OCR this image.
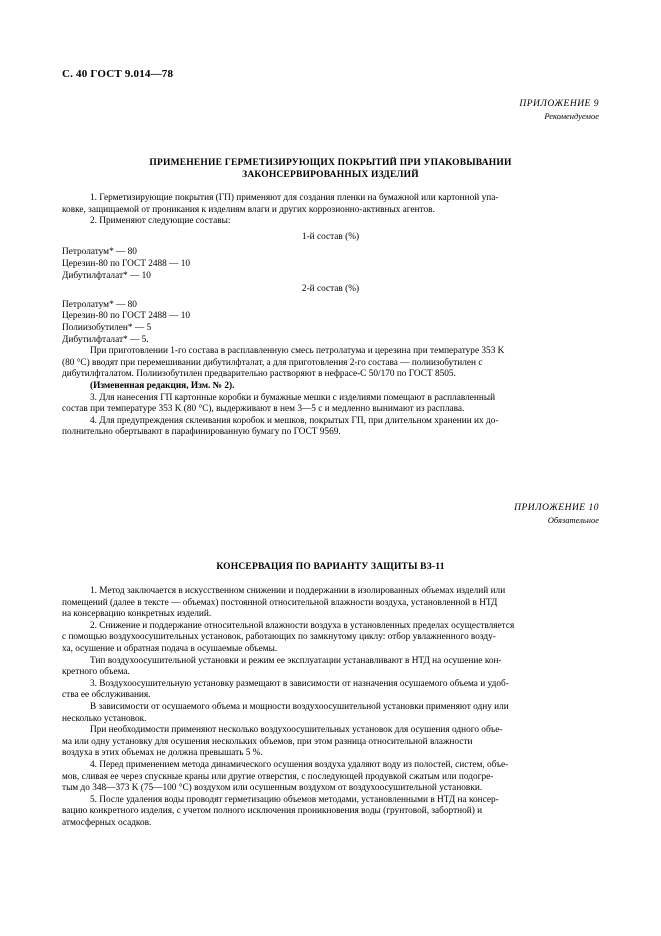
С. 40 ГОСТ 9.014—78
ПРИЛОЖЕНИЕ 9
Рекомендуемое
ПРИМЕНЕНИЕ ГЕРМЕТИЗИРУЮЩИХ ПОКРЫТИЙ ПРИ УПАКОВЫВАНИИ
ЗАКОНСЕРВИРОВАННЫХ ИЗДЕЛИЙ

1. Герметизирующие покрытия (ГП) применяют для создания пленки на бумажной или картонной упа-

ковке, защищаемой от проникания к изделиям влаги и других коррозионно-активных агентов.

2. Применяют следующие составы:

1-й состав (%)

Петролатум* — 80

Церезин-80 по ГОСТ 2488 — 10

Дибутилфталат* — 10

2-й состав (%)

Петролатум* — 80

Церезин-80 по ГОСТ 2488 — 10

Полиизобутилен* — 5

Дибутилфталат* — 5.

При приготовлении 1-го состава в расплавленную смесь петролатума и церезина при температуре 353 K

(80 °С) вводят при перемешивании дибутилфталат, а для приготовления 2-го состава — полиизобутилен с

дибутилфталатом. Полиизобутилен предварительно растворяют в нефрасе-С 50/170 по ГОСТ 8505.

(Измененная редакция, Изм. № 2).

3. Для нанесения ГП картонные коробки и бумажные мешки с изделиями помещают в расплавленный

состав при температуре 353 K (80 °С), выдерживают в нем 3—5 с и медленно вынимают из расплава.

4. Для предупреждения склеивания коробок и мешков, покрытых ГП, при длительном хранении их до-

полнительно обертывают в парафинированную бумагу по ГОСТ 9569.

ПРИЛОЖЕНИЕ 10
Обязательное
КОНСЕРВАЦИЯ ПО ВАРИАНТУ ЗАЩИТЫ ВЗ-11

1. Метод заключается в искусственном снижении и поддержании в изолированных объемах изделий или

помещений (далее в тексте — объемах) постоянной относительной влажности воздуха, установленной в НТД

на консервацию конкретных изделий.

2. Снижение и поддержание относительной влажности воздуха в установленных пределах осуществляется

с помощью воздухоосушительных установок, работающих по замкнутому циклу: отбор увлажненного возду-

ха, осушение и обратная подача в осушаемые объемы.

Тип воздухоосушительной установки и режим ее эксплуатации устанавливают в НТД на осушение кон-

кретного объема.

3. Воздухоосушительную установку размещают в зависимости от назначения осушаемого объема и удоб-

ства ее обслуживания.

В зависимости от осушаемого объема и мощности воздухоосушительной установки применяют одну или

несколько установок.

При необходимости применяют несколько воздухоосушительных установок для осушения одного объе-

ма или одну установку для осушения нескольких объемов, при этом разница относительной влажности

воздуха в этих объемах не должна превышать 5 %.

4. Перед применением метода динамического осушения воздуха удаляют воду из полостей, систем, объе-

мов, сливая ее через спускные краны или другие отверстия, с последующей продувкой сжатым или подогре-

тым до 348—373 K (75—100 °С) воздухом или осушенным воздухом от воздухоосушительной установки.

5. После удаления воды проводят герметизацию объемов методами, установленными в НТД на консер-

вацию конкретного изделия, с учетом полного исключения проникновения воды (грунтовой, забортной) и

атмосферных осадков.
